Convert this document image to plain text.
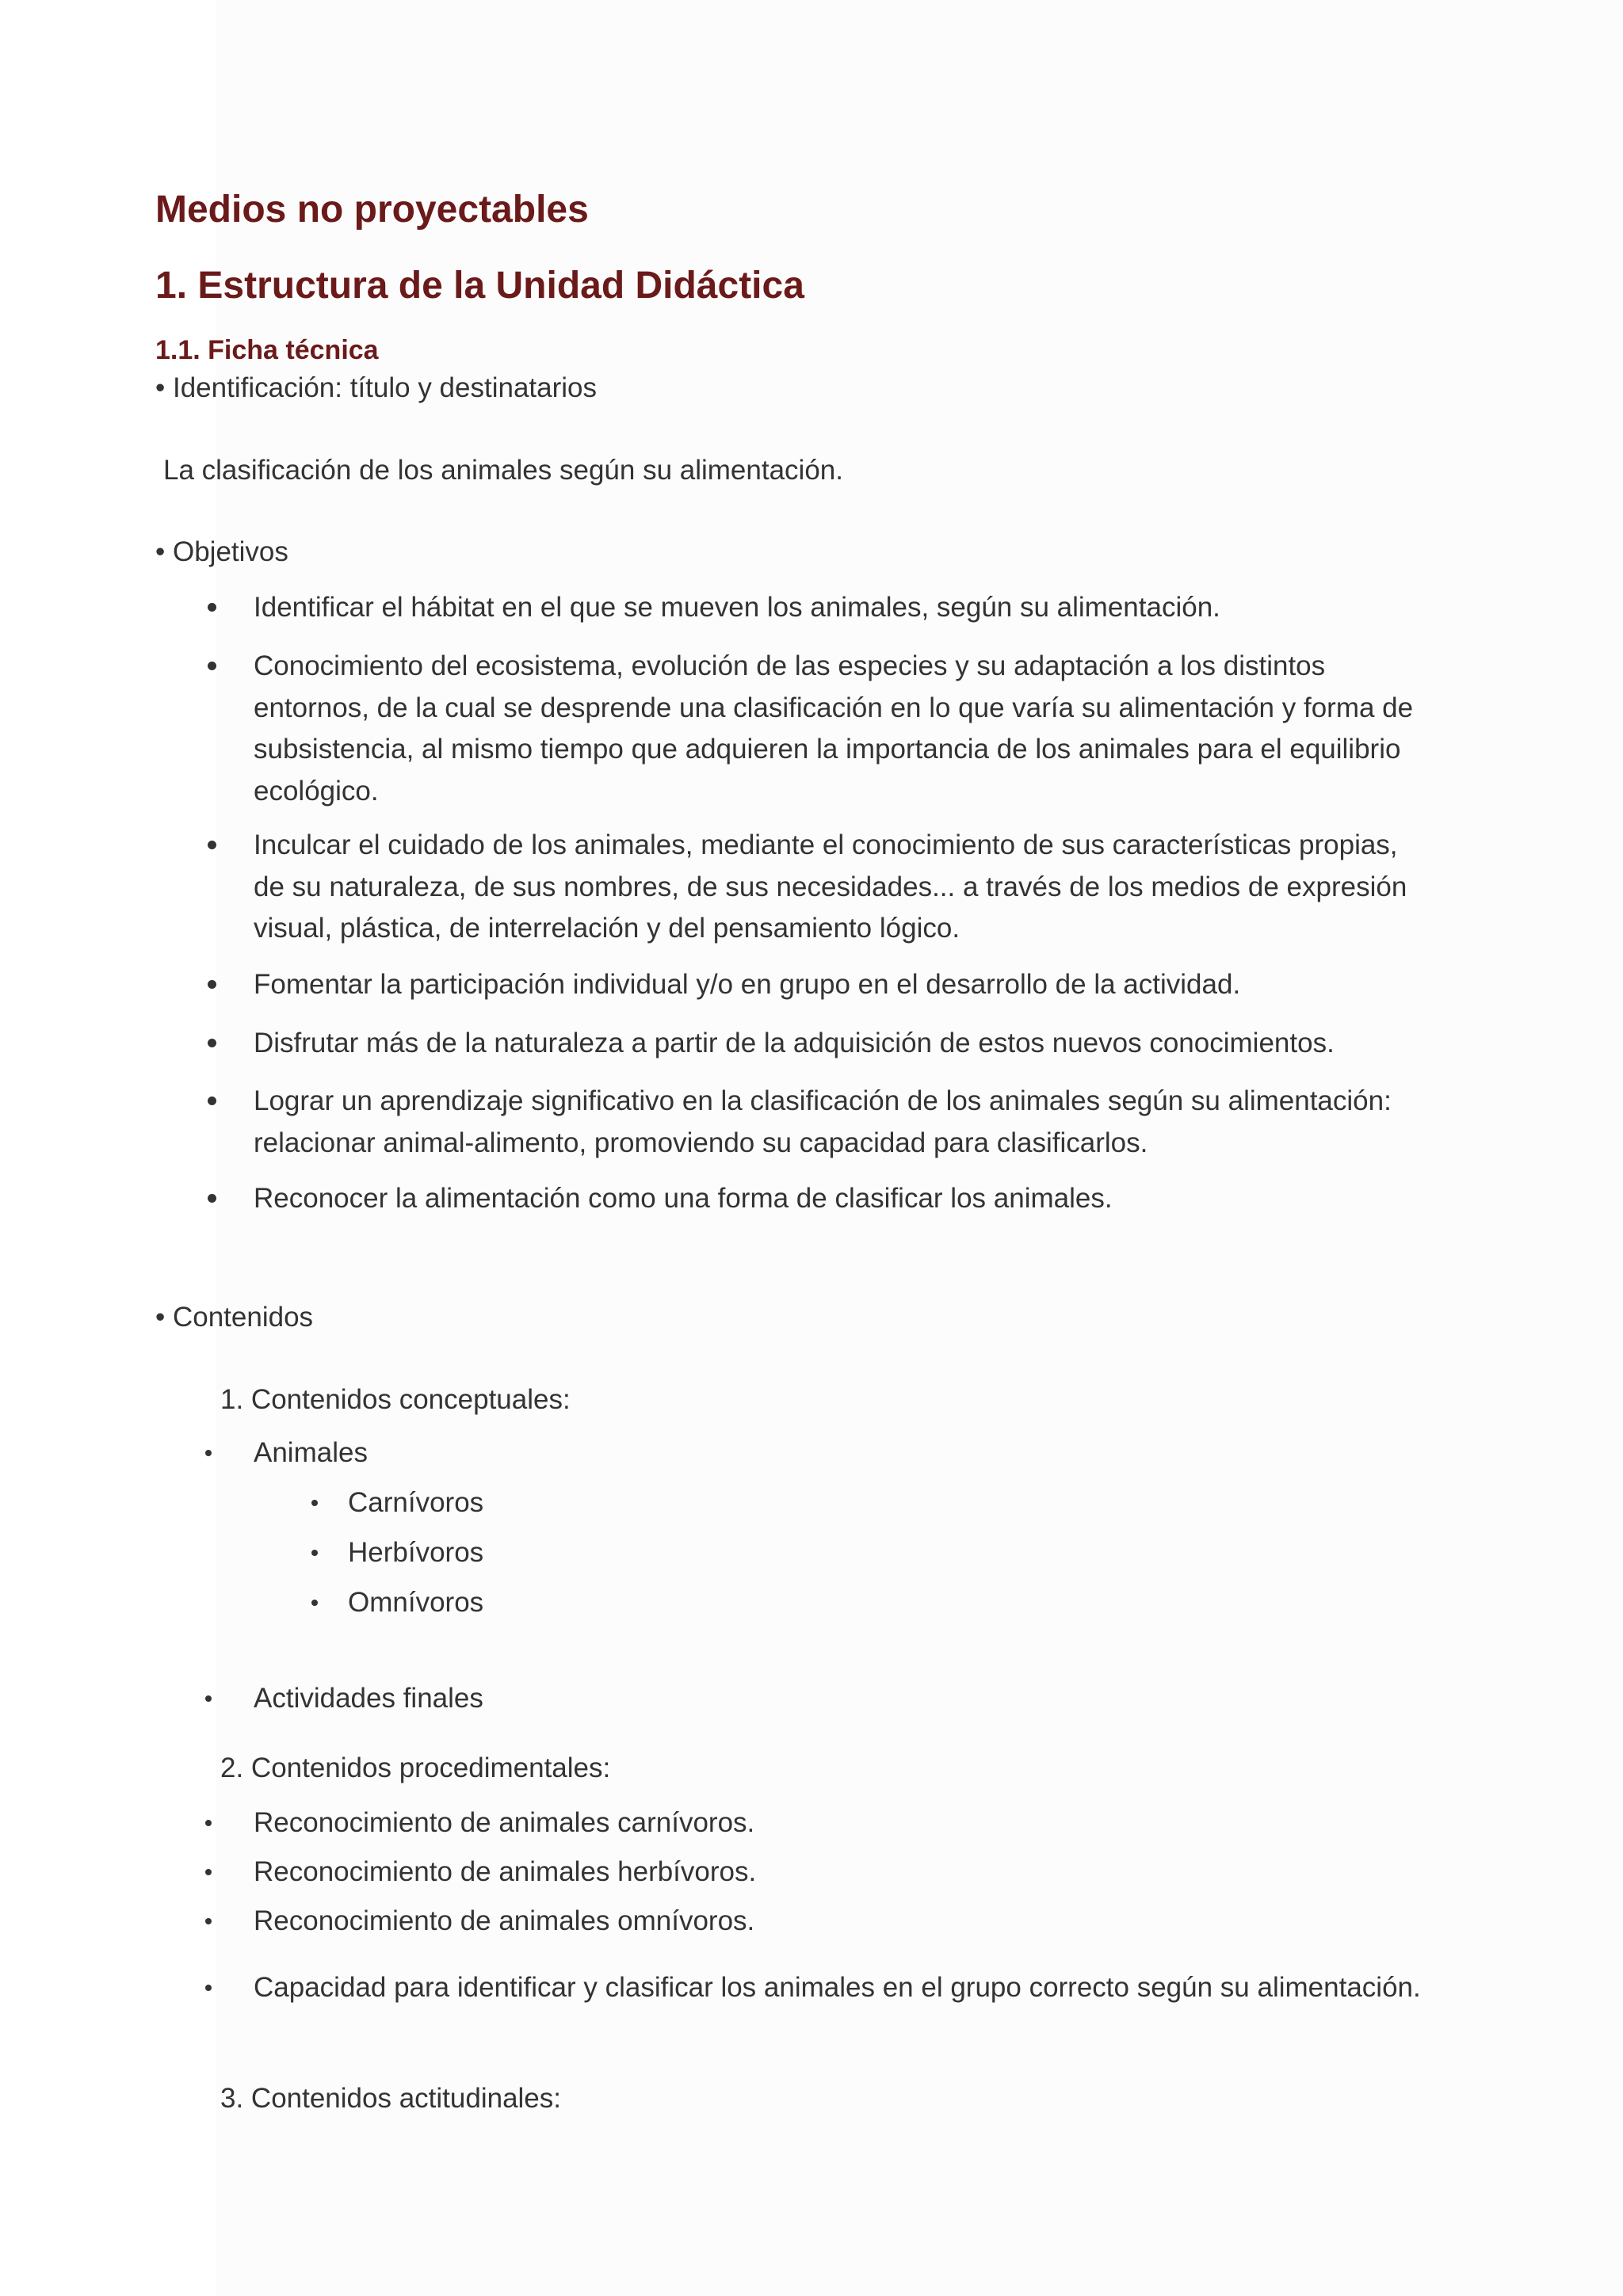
Medios no proyectables
1. Estructura de la Unidad Didáctica
1.1. Ficha técnica
• Identificación: título y destinatarios
La clasificación de los animales según su alimentación.
• Objetivos
Identificar el hábitat en el que se mueven los animales, según su alimentación.
Conocimiento del ecosistema, evolución de las especies y su adaptación a los distintos
entornos, de la cual se desprende una clasificación en lo que varía su alimentación y forma de
subsistencia, al mismo tiempo que adquieren la importancia de los animales para el equilibrio
ecológico.
Inculcar el cuidado de los animales, mediante el conocimiento de sus características propias,
de su naturaleza, de sus nombres, de sus necesidades... a través de los medios de expresión
visual, plástica, de interrelación y del pensamiento lógico.
Fomentar la participación individual y/o en grupo en el desarrollo de la actividad.
Disfrutar más de la naturaleza a partir de la adquisición de estos nuevos conocimientos.
Lograr un aprendizaje significativo en la clasificación de los animales según su alimentación:
relacionar animal-alimento, promoviendo su capacidad para clasificarlos.
Reconocer la alimentación como una forma de clasificar los animales.
• Contenidos
1. Contenidos conceptuales:
Animales
Carnívoros
Herbívoros
Omnívoros
Actividades finales
2. Contenidos procedimentales:
Reconocimiento de animales carnívoros.
Reconocimiento de animales herbívoros.
Reconocimiento de animales omnívoros.
Capacidad para identificar y clasificar los animales en el grupo correcto según su alimentación.
3. Contenidos actitudinales:
